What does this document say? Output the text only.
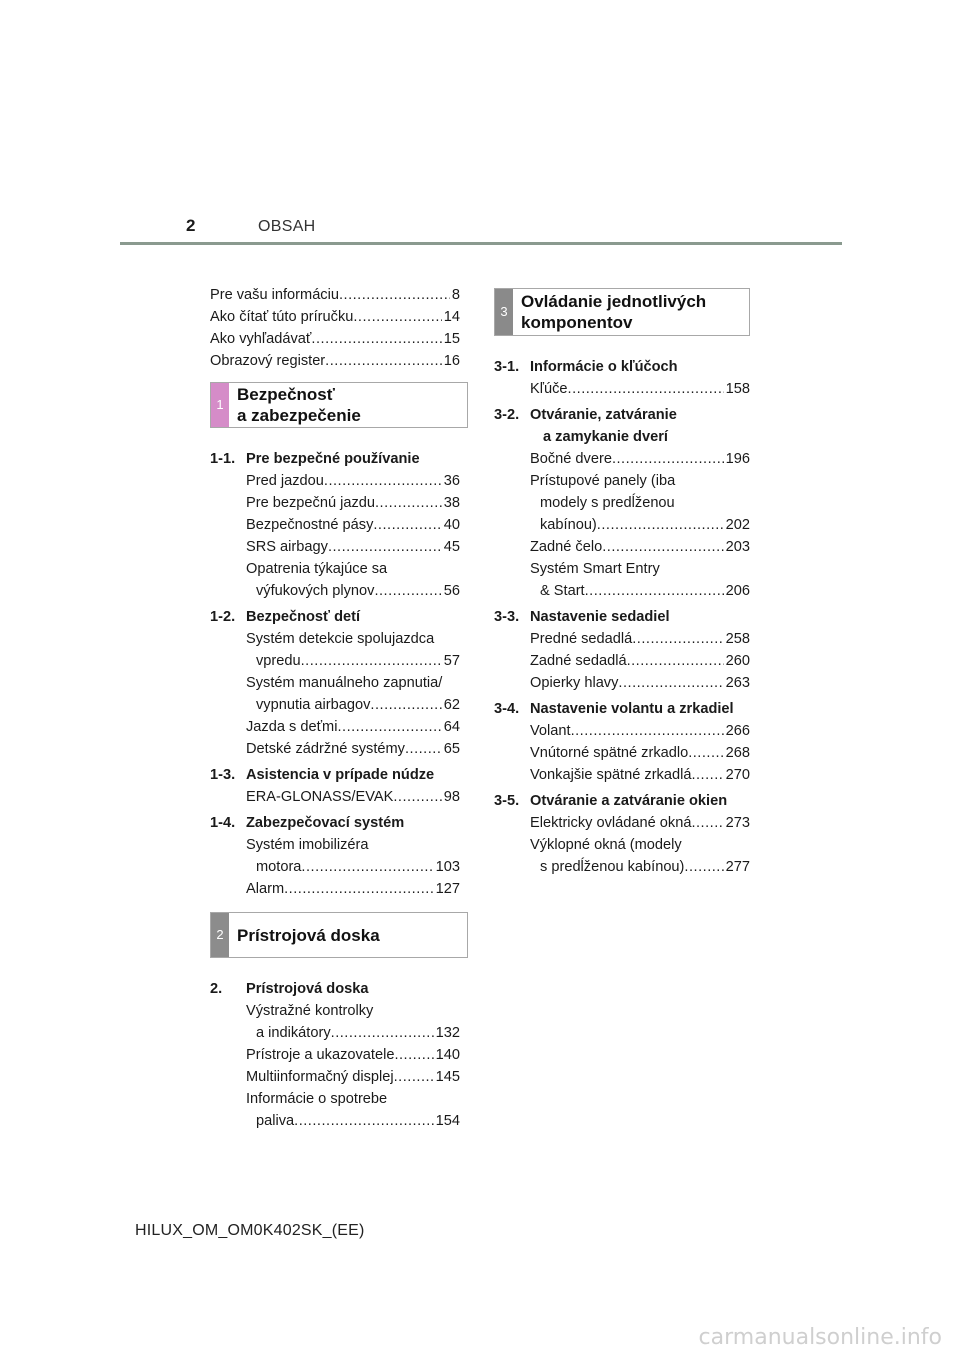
2	OBSAH
Pre vašu informáciu .....	8
Ako čítať túto príručku .....	14
Ako vyhľadávať .....	15
Obrazový register .....	16
1
Bezpečnosť
a zabezpečenie
1-1. Pre bezpečné používanie
Pred jazdou .....	36
Pre bezpečnú jazdu .....	38
Bezpečnostné pásy .....	40
SRS airbagy .....	45
Opatrenia týkajúce sa
výfukových plynov .....	56
1-2. Bezpečnosť detí
Systém detekcie spolujazdca
vpredu .....	57
Systém manuálneho zapnutia/
vypnutia airbagov .....	62
Jazda s deťmi .....	64
Detské zádržné systémy .....	65
1-3. Asistencia v prípade núdze
ERA-GLONASS/EVAK .....	98
1-4. Zabezpečovací systém
Systém imobilizéra
motora .....	103
Alarm .....	127
2 Prístrojová doska
2.	Prístrojová doska
Výstražné kontrolky
a indikátory .....	132
Prístroje a ukazovatele .....	140
Multiinformačný displej .....	145
Informácie o spotrebe
paliva .....	154
3
Ovládanie jednotlivých
komponentov
3-1. Informácie o kľúčoch
Kľúče .....	158
3-2. Otváranie, zatváranie
a zamykanie dverí
Bočné dvere .....	196
Prístupové panely (iba
modely s predĺženou
kabínou) .....	202
Zadné čelo .....	203
Systém Smart Entry
& Start .....	206
3-3. Nastavenie sedadiel
Predné sedadlá .....	258
Zadné sedadlá .....	260
Opierky hlavy .....	263
3-4. Nastavenie volantu a zrkadiel
Volant .....	266
Vnútorné spätné zrkadlo .....	268
Vonkajšie spätné zrkadlá ..... 270
3-5. Otváranie a zatváranie okien
Elektricky ovládané okná ..... 273
Výklopné okná (modely
s predĺženou kabínou) .....	277
HILUX_OM_OM0K402SK_(EE)
carmanualsonline.info
